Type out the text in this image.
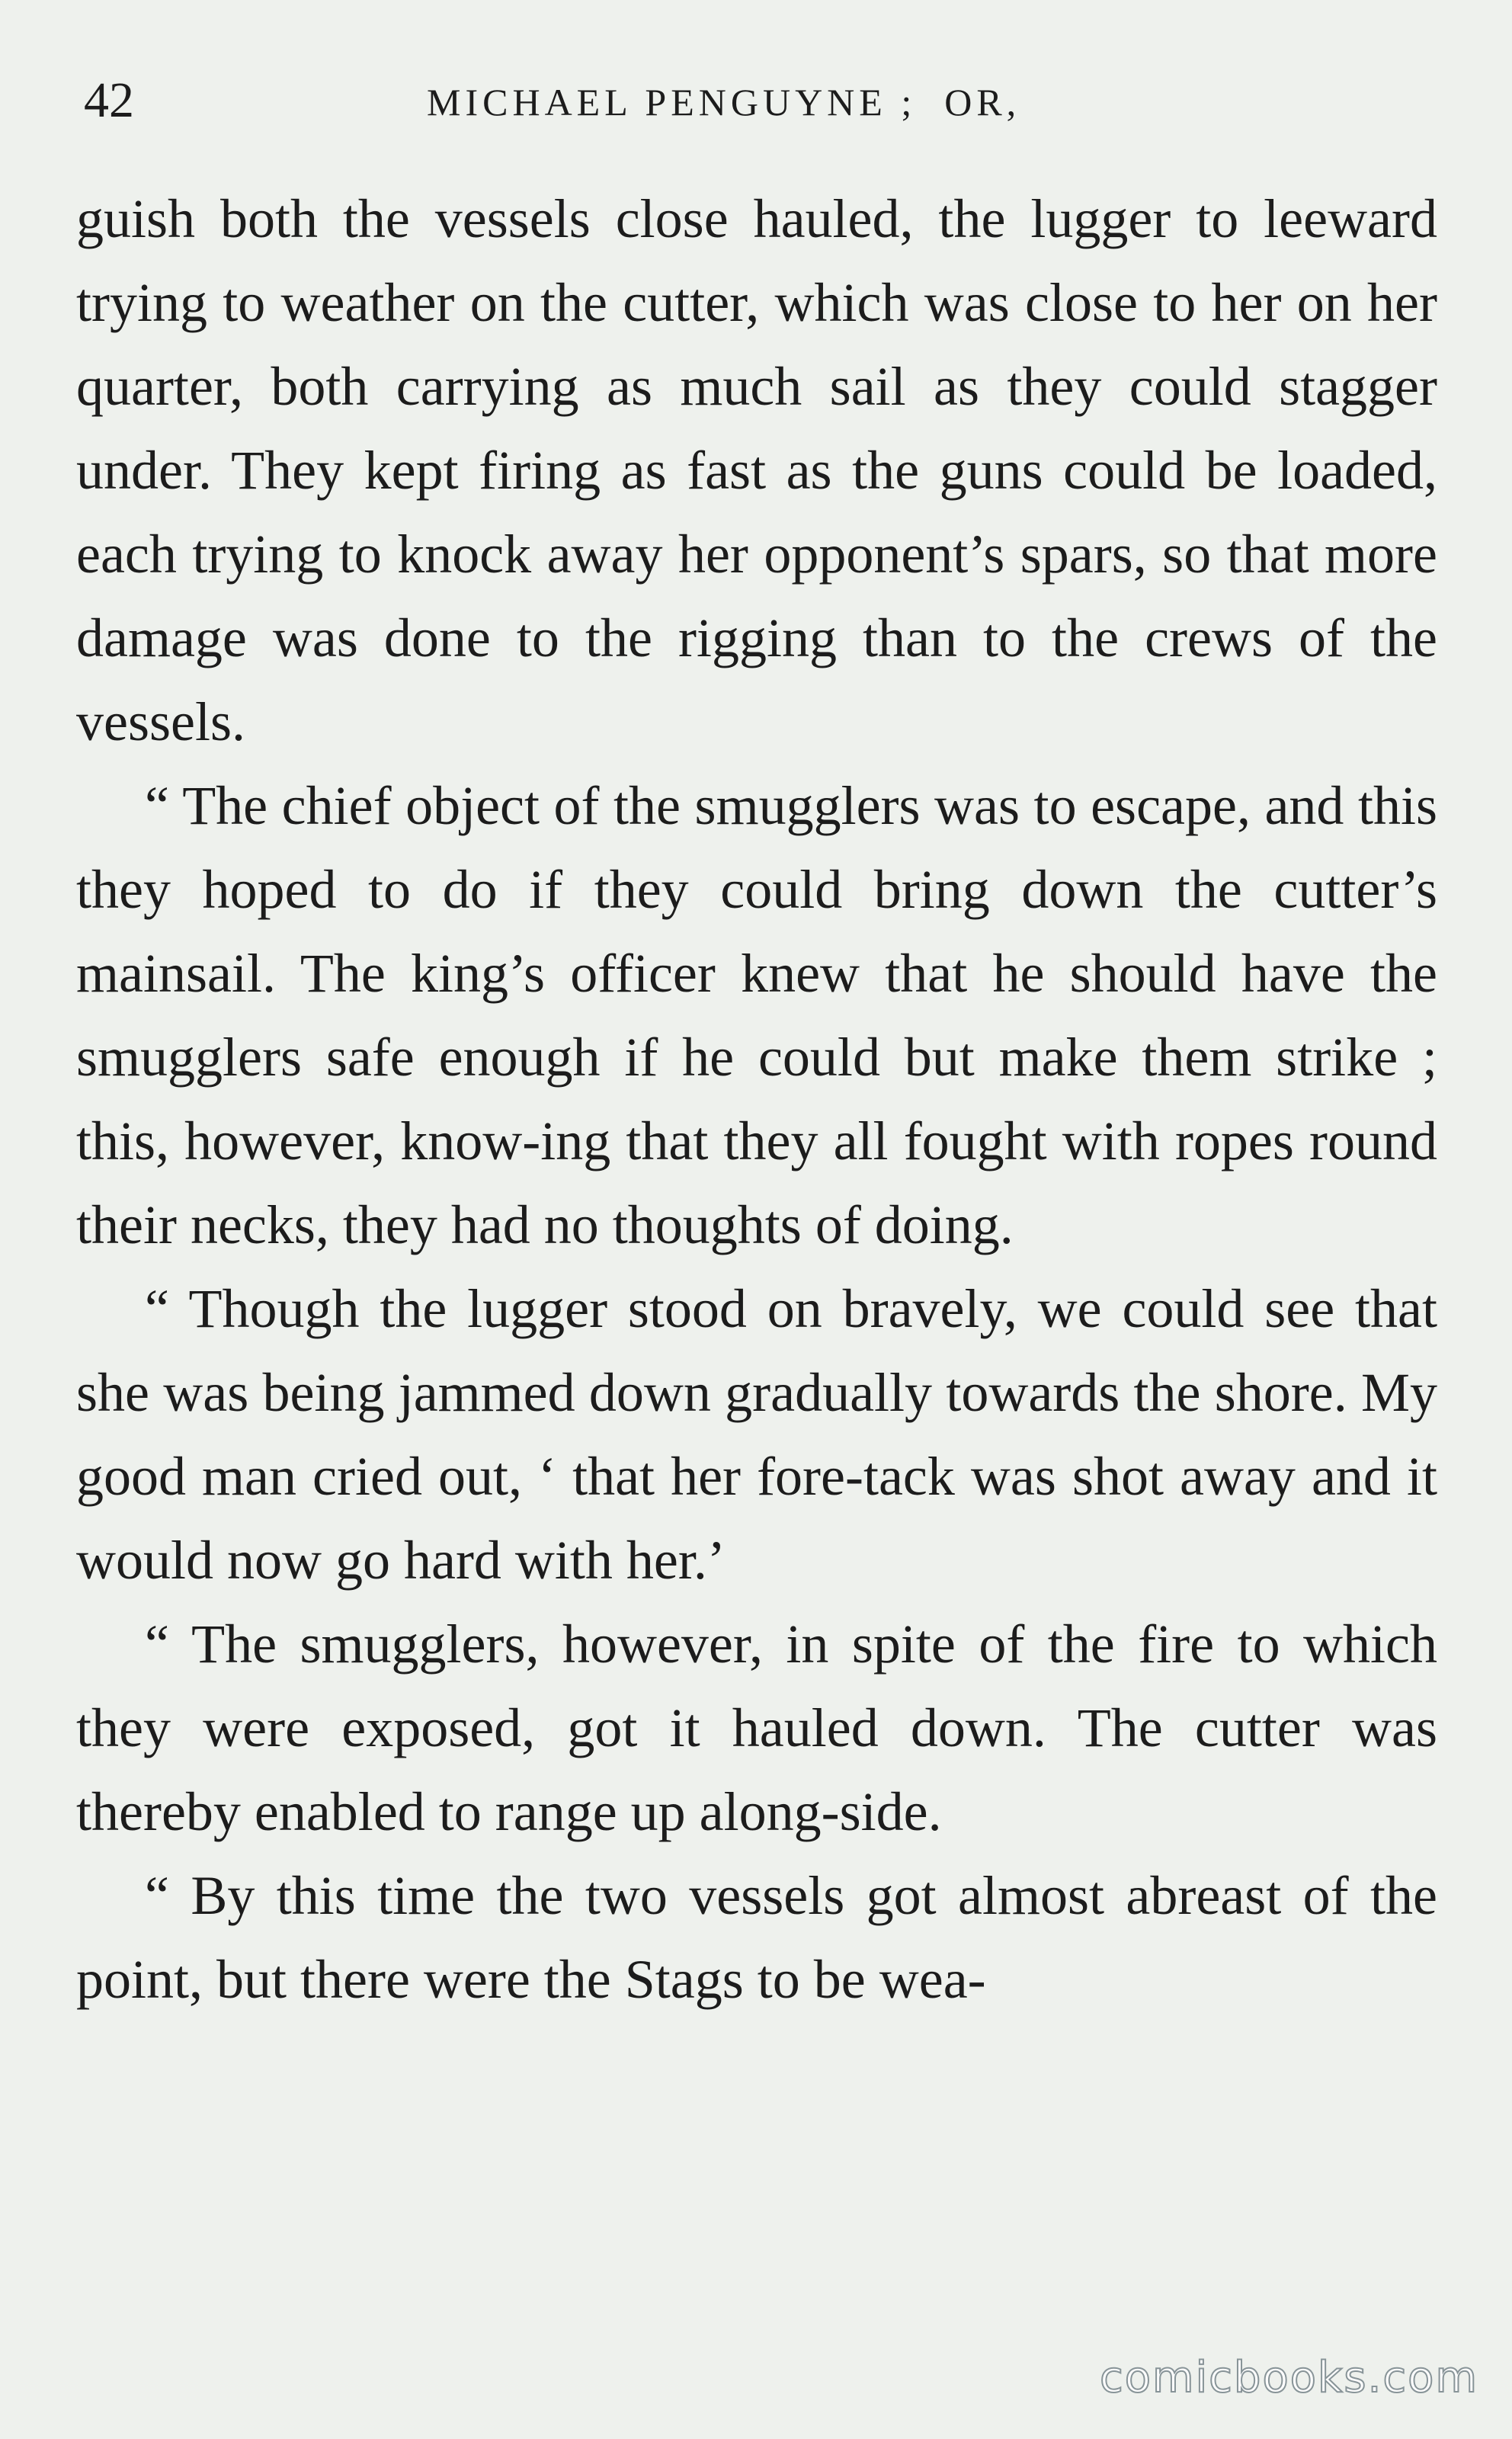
42	MICHAEL PENGUYNE ;  OR,

guish both the vessels close hauled, the lugger to leeward trying to weather on the cutter, which was close to her on her quarter, both carrying as much sail as they could stagger under. They kept firing as fast as the guns could be loaded, each trying to knock away her opponent’s spars, so that more damage was done to the rigging than to the crews of the vessels.

“ The chief object of the smugglers was to escape, and this they hoped to do if they could bring down the cutter’s mainsail. The king’s officer knew that he should have the smugglers safe enough if he could but make them strike ; this, however, know-ing that they all fought with ropes round their necks, they had no thoughts of doing.

“ Though the lugger stood on bravely, we could see that she was being jammed down gradually towards the shore. My good man cried out, ‘ that her fore-tack was shot away and it would now go hard with her.’

“ The smugglers, however, in spite of the fire to which they were exposed, got it hauled down. The cutter was thereby enabled to range up along-side.

“ By this time the two vessels got almost abreast of the point, but there were the Stags to be wea-

comicbooks.com
